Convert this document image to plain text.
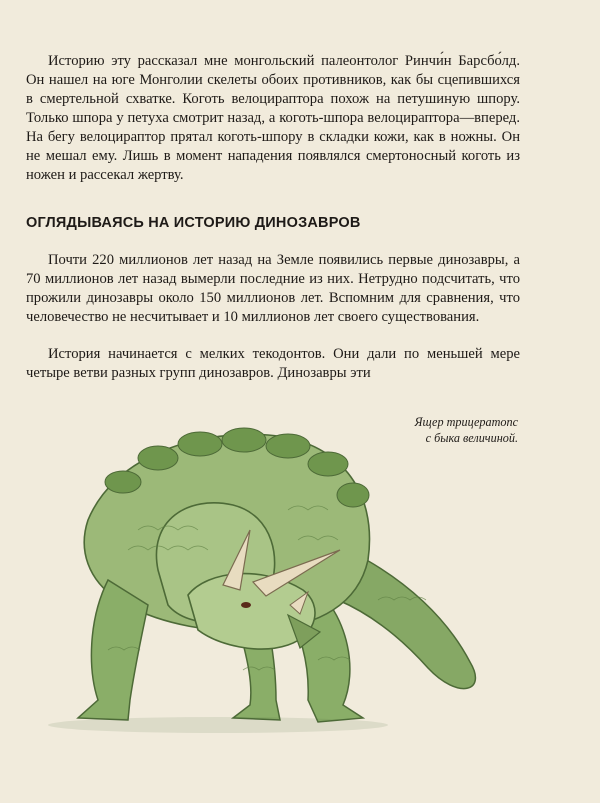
Историю эту рассказал мне монгольский палеонтолог Ринчи́н Барсбо́лд. Он нашел на юге Монголии скелеты обоих противников, как бы сцепившихся в смертельной схватке. Коготь велоцираптора похож на петушиную шпору. Только шпора у петуха смотрит назад, а коготь-шпора велоцираптора—вперед. На бегу велоцираптор прятал коготь-шпору в складки кожи, как в ножны. Он не мешал ему. Лишь в момент нападения появлялся смертоносный коготь из ножен и рассекал жертву.

ОГЛЯДЫВАЯСЬ НА ИСТОРИЮ ДИНОЗАВРОВ

Почти 220 миллионов лет назад на Земле появились первые динозавры, а 70 миллионов лет назад вымерли последние из них. Нетрудно подсчитать, что прожили динозавры около 150 миллионов лет. Вспомним для сравнения, что человечество не несчитывает и 10 миллионов лет своего существования.

История начинается с мелких текодонтов. Они дали по меньшей мере четыре ветви разных групп динозавров. Динозавры эти

Ящер трицератопс
с быка величиной.
